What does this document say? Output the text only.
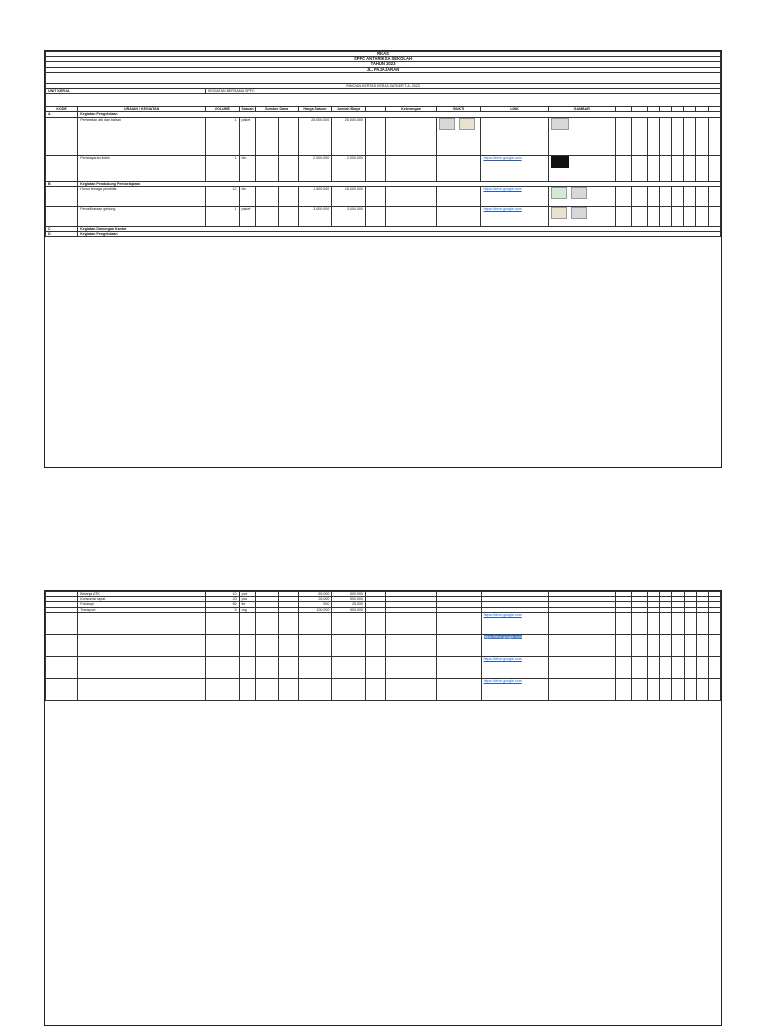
RKAS																				
SPFC ANTARIKSA SEKOLAH																				
TAHUN 2023																				
JL. PAJAJARAN																				

RINCIAN KERTAS KERJA SATKER T.A. 2023																				
UNIT KERJA		KEGIATAN BERSAMA SPFC																		

KODE	URAIAN / KEGIATAN	VOLUME	Satuan	Sumber Dana		Harga Satuan	Jumlah Biaya		Keterangan	BUKTI	LINK	GAMBAR								
A	Kegiatan Pengelolaan																			
	Pembelian atk dan bahan	1	paket			25.000.000	25.000.000			

	Pembayaran listrik	1	bln			2.000.000	2.000.000				https://drive.google.com									
B	Kegiatan Pendukung Pembelajaran																			
	Honor tenaga pendidik	12	bln			1.500.000	18.000.000				https://drive.google.com	

	Pemeliharaan gedung	1	paket			3.000.000	3.000.000				https://drive.google.com	

C	Kegiatan Dukungan Kantor																			
D	Kegiatan Pengelolaan																			
	Belanja ATK	10	pcs			50.000	500.000													
	Konsumsi rapat	20	pcs			25.000	500.000													
	Fotokopi	50	lbr			500	25.000													
	Transport	5	org			100.000	500.000													
											https://drive.google.com									
											https://drive.google.com									
											https://drive.google.com									
											https://drive.google.com									
